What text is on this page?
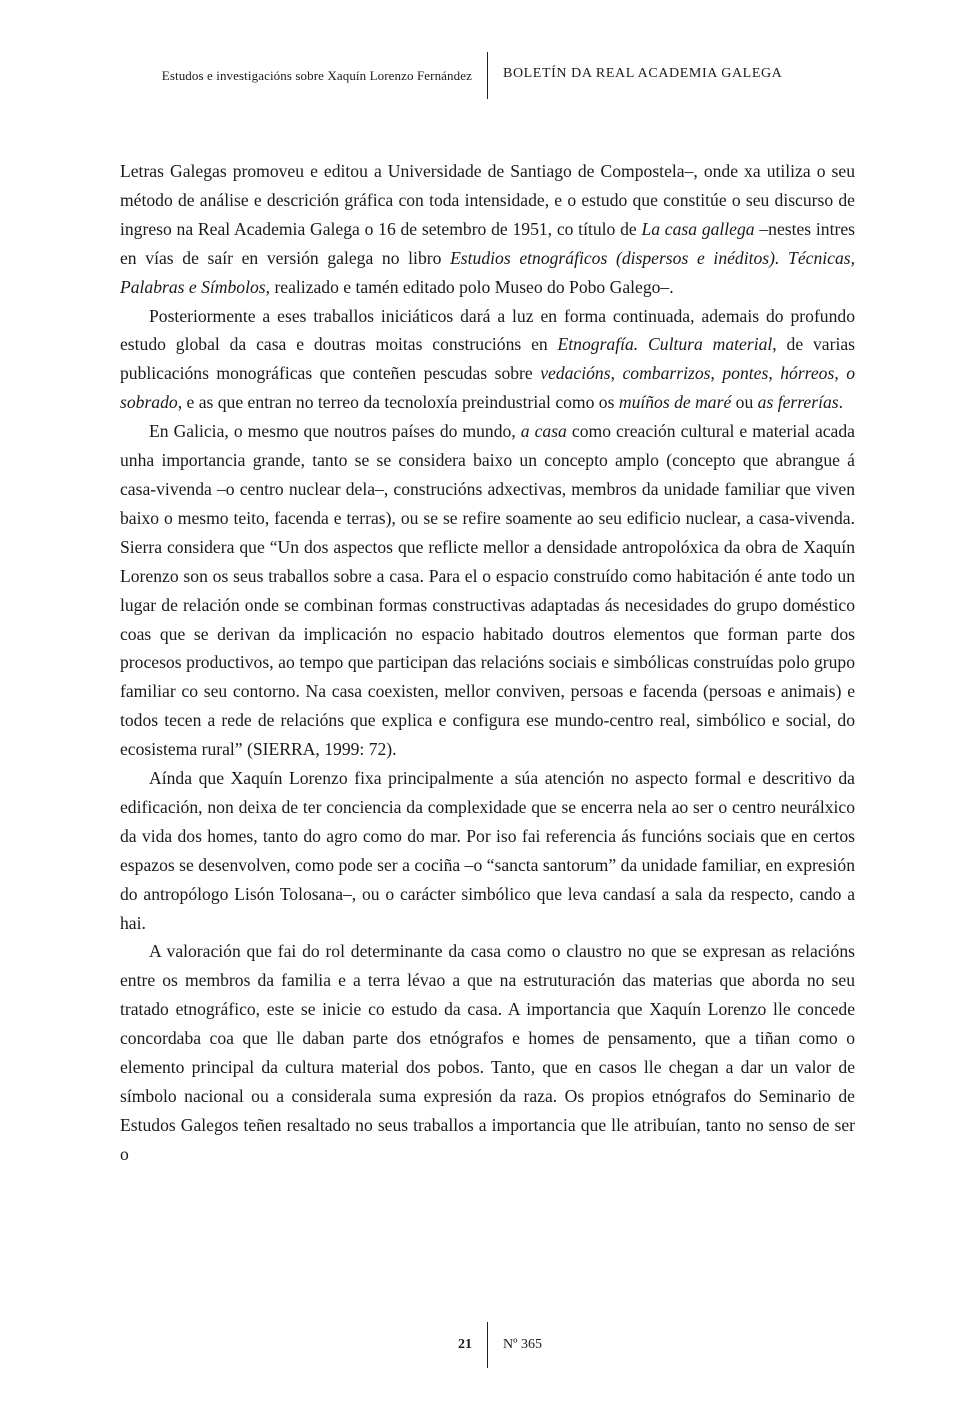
Estudos e investigacións sobre Xaquín Lorenzo Fernández BOLETÍN DA REAL ACADEMIA GALEGA

Letras Galegas promoveu e editou a Universidade de Santiago de Compostela–, onde xa utiliza o seu método de análise e descrición gráfica con toda intensidade, e o estudo que constitúe o seu discurso de ingreso na Real Academia Galega o 16 de setembro de 1951, co título de La casa gallega –nestes intres en vías de saír en versión galega no libro Estudios etnográficos (dispersos e inéditos). Técnicas, Palabras e Símbolos, realizado e tamén editado polo Museo do Pobo Galego–.

Posteriormente a eses traballos iniciáticos dará a luz en forma continuada, ademais do profundo estudo global da casa e doutras moitas construcións en Etnografía. Cultura material, de varias publicacións monográficas que conteñen pescudas sobre vedacións, combarrizos, pontes, hórreos, o sobrado, e as que entran no terreo da tecnoloxía preindustrial como os muíños de maré ou as ferrerías.

En Galicia, o mesmo que noutros países do mundo, a casa como creación cultural e material acada unha importancia grande, tanto se se considera baixo un concepto amplo (concepto que abrangue á casa-vivenda –o centro nuclear dela–, construcións adxectivas, membros da unidade familiar que viven baixo o mesmo teito, facenda e terras), ou se se refire soamente ao seu edificio nuclear, a casa-vivenda. Sierra considera que “Un dos aspectos que reflicte mellor a densidade antropolóxica da obra de Xaquín Lorenzo son os seus traballos sobre a casa. Para el o espacio construído como habitación é ante todo un lugar de relación onde se combinan formas constructivas adaptadas ás necesidades do grupo doméstico coas que se derivan da implicación no espacio habitado doutros elementos que forman parte dos procesos productivos, ao tempo que participan das relacións sociais e simbólicas construídas polo grupo familiar co seu contorno. Na casa coexisten, mellor conviven, persoas e facenda (persoas e animais) e todos tecen a rede de relacións que explica e configura ese mundo-centro real, simbólico e social, do ecosistema rural” (SIERRA, 1999: 72).

Aínda que Xaquín Lorenzo fixa principalmente a súa atención no aspecto formal e descritivo da edificación, non deixa de ter conciencia da complexidade que se encerra nela ao ser o centro neurálxico da vida dos homes, tanto do agro como do mar. Por iso fai referencia ás funcións sociais que en certos espazos se desenvolven, como pode ser a cociña –o “sancta santorum” da unidade familiar, en expresión do antropólogo Lisón Tolosana–, ou o carácter simbólico que leva candasí a sala da respecto, cando a hai.

A valoración que fai do rol determinante da casa como o claustro no que se expresan as relacións entre os membros da familia e a terra lévao a que na estruturación das materias que aborda no seu tratado etnográfico, este se inicie co estudo da casa. A importancia que Xaquín Lorenzo lle concede concordaba coa que lle daban parte dos etnógrafos e homes de pensamento, que a tiñan como o elemento principal da cultura material dos pobos. Tanto, que en casos lle chegan a dar un valor de símbolo nacional ou a consideralа suma expresión da raza. Os propios etnógrafos do Seminario de Estudos Galegos teñen resaltado no seus traballos a importancia que lle atribuían, tanto no senso de ser o

21 Nº 365
